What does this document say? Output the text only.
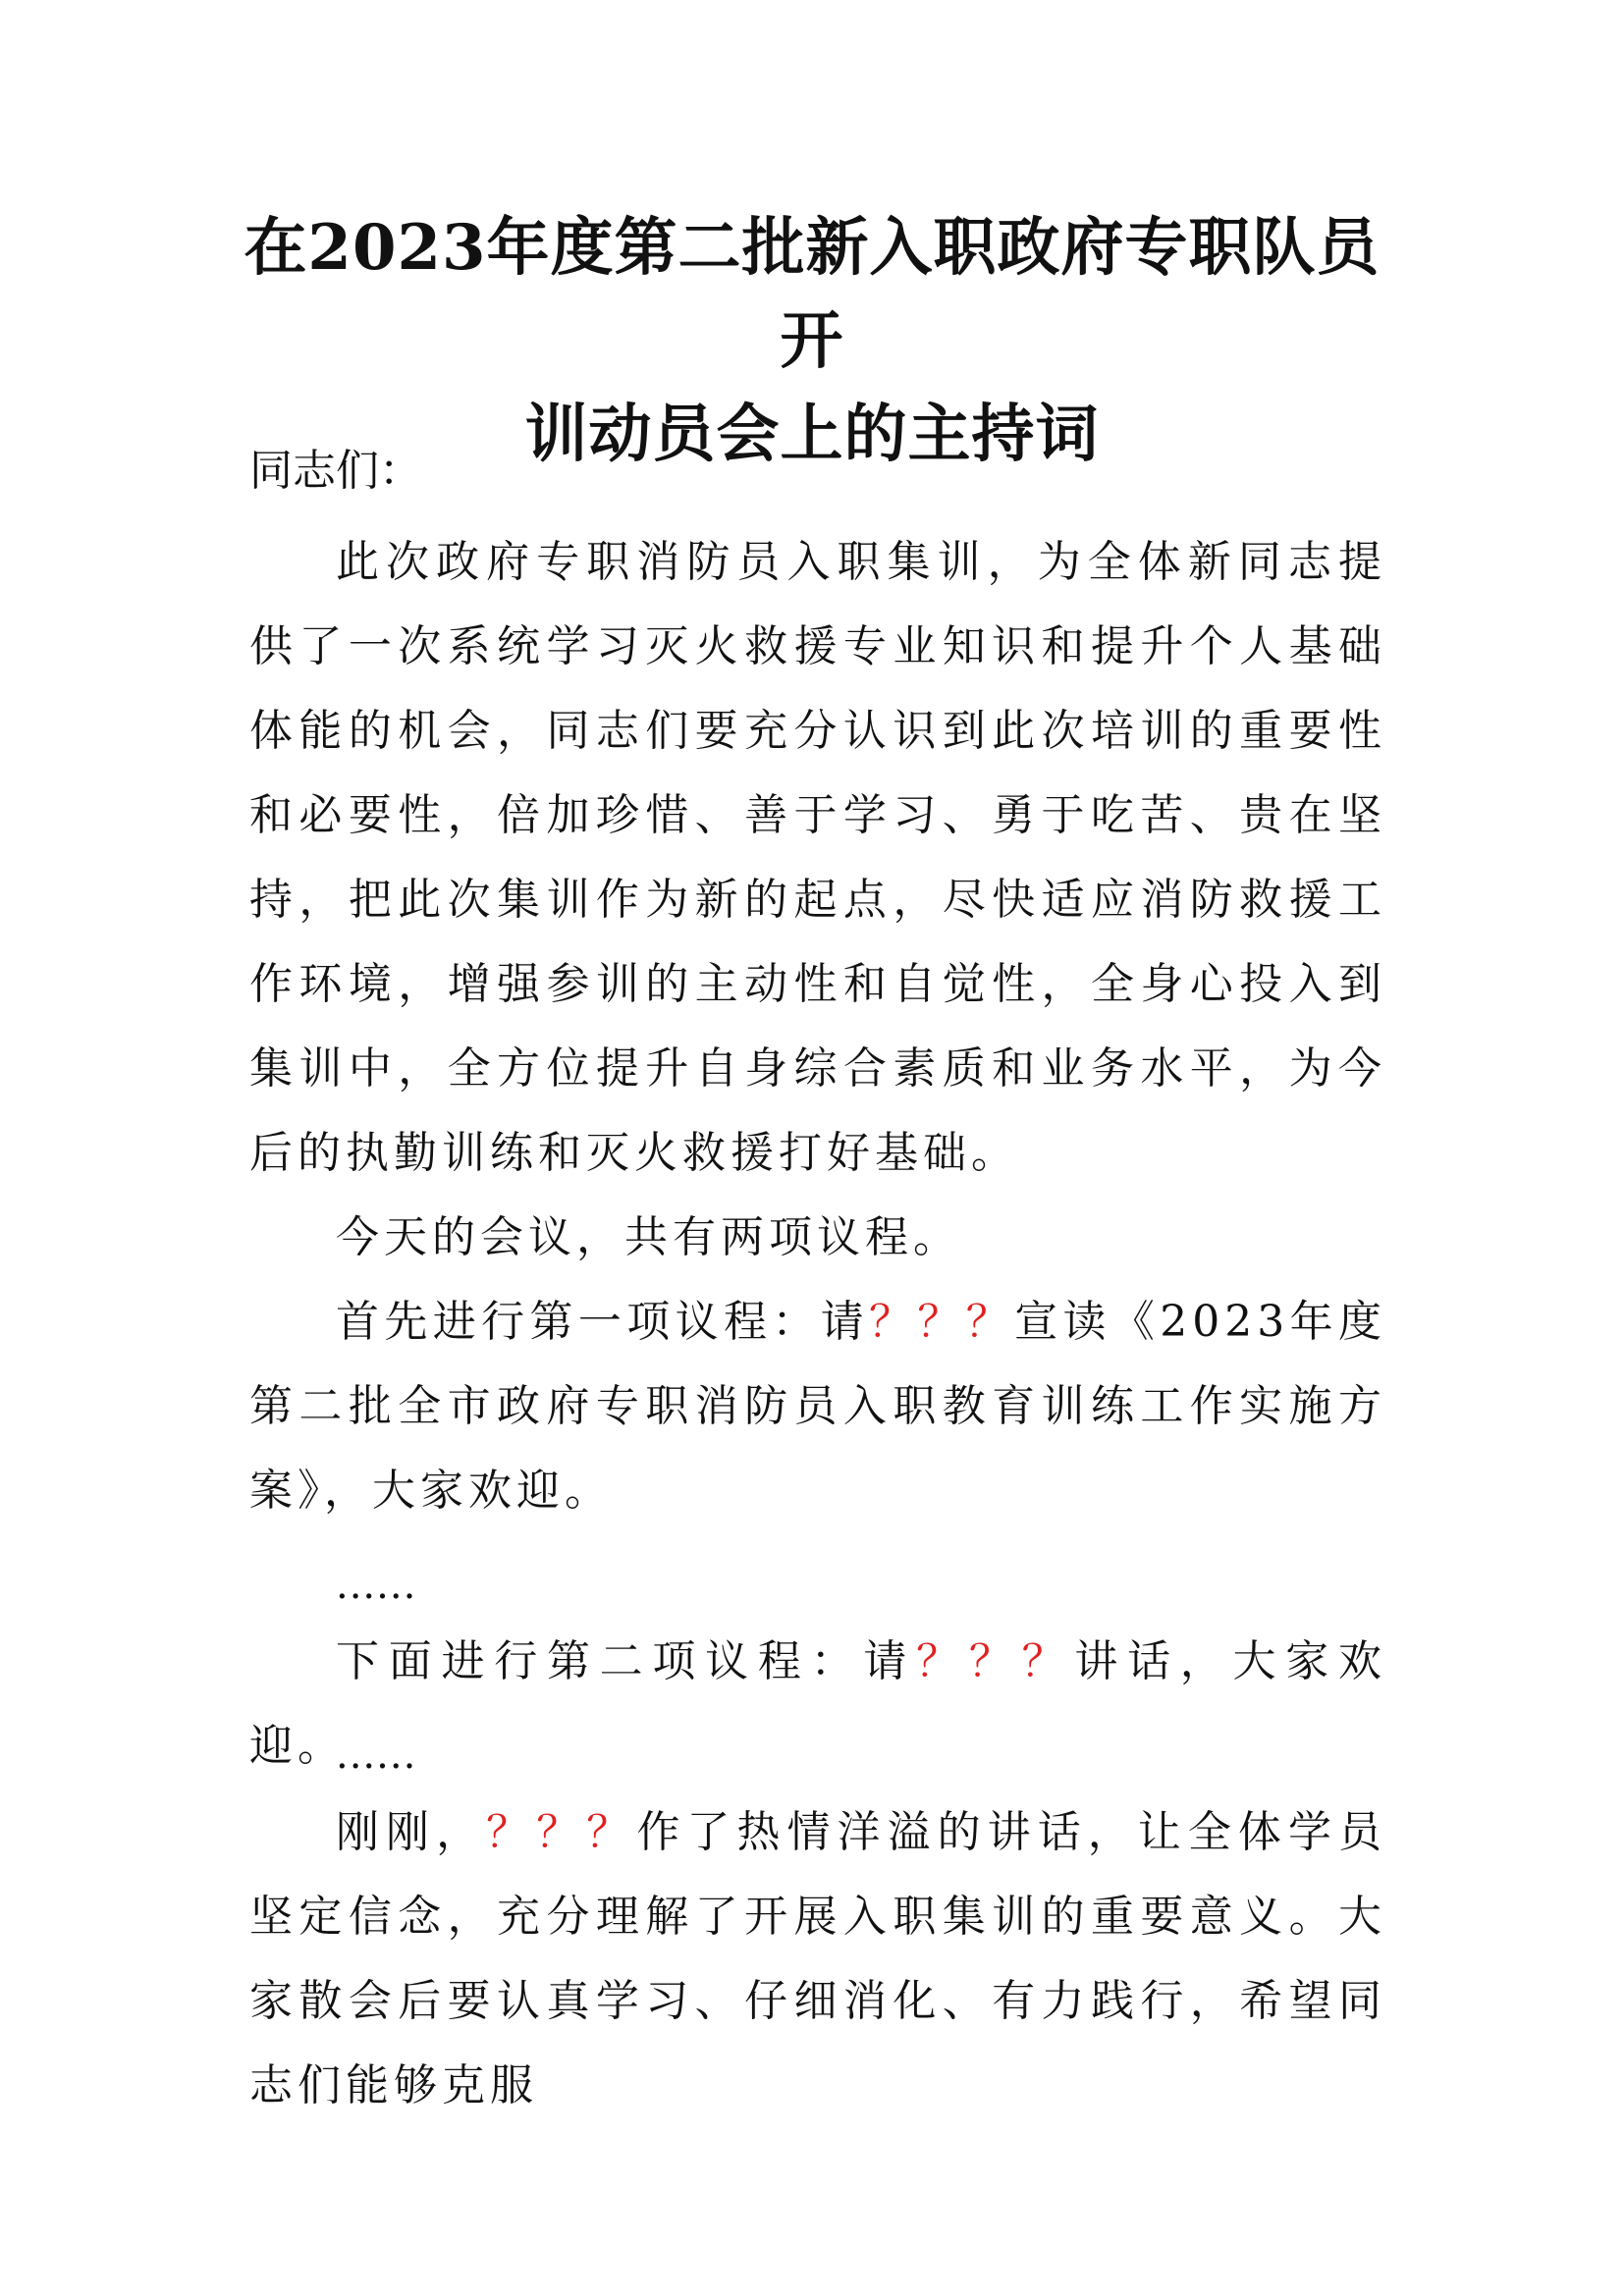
在2023年度第二批新入职政府专职队员开
训动员会上的主持词

同志们：

此次政府专职消防员入职集训，为全体新同志提供了一次系统学习灭火救援专业知识和提升个人基础体能的机会，同志们要充分认识到此次培训的重要性和必要性，倍加珍惜、善于学习、勇于吃苦、贵在坚持，把此次集训作为新的起点，尽快适应消防救援工作环境，增强参训的主动性和自觉性，全身心投入到集训中，全方位提升自身综合素质和业务水平，为今后的执勤训练和灭火救援打好基础。

今天的会议，共有两项议程。

首先进行第一项议程：请？？？宣读《2023年度第二批全市政府专职消防员入职教育训练工作实施方案》，大家欢迎。

......

下面进行第二项议程：请？？？讲话，大家欢迎。

......

刚刚，？？？作了热情洋溢的讲话，让全体学员坚定信念，充分理解了开展入职集训的重要意义。大家散会后要认真学习、仔细消化、有力践行，希望同志们能够克服
